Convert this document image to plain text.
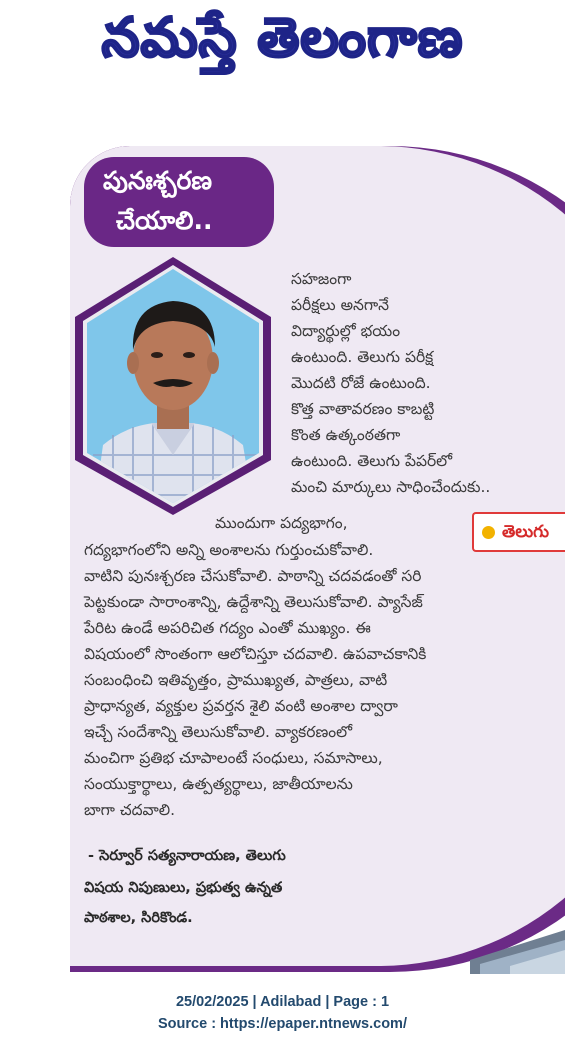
నమస్తే తెలంగాణ
పునఃశ్చరణ
చేయాలి..
సహజంగా
పరీక్షలు అనగానే
విద్యార్థుల్లో భయం
ఉంటుంది. తెలుగు పరీక్ష
మొదటి రోజే ఉంటుంది.
కొత్త వాతావరణం కాబట్టి
కొంత ఉత్కంఠతగా
ఉంటుంది. తెలుగు పేపర్‌లో
మంచి మార్కులు సాధించేందుకు..
ముందుగా పద్యభాగం,
గద్యభాగంలోని అన్ని అంశాలను గుర్తుంచుకోవాలి.
వాటిని పునఃశ్చరణ చేసుకోవాలి. పాఠాన్ని చదవడంతో సరి
పెట్టకుండా సారాంశాన్ని, ఉద్దేశాన్ని తెలుసుకోవాలి. ప్యాసేజ్
పేరిట ఉండే అపరిచిత గద్యం ఎంతో ముఖ్యం. ఈ
విషయంలో సొంతంగా ఆలోచిస్తూ చదవాలి. ఉపవాచకానికి
సంబంధించి ఇతివృత్తం, ప్రాముఖ్యత, పాత్రలు, వాటి
ప్రాధాన్యత, వ్యక్తుల ప్రవర్తన శైలి వంటి అంశాల ద్వారా
ఇచ్చే సందేశాన్ని తెలుసుకోవాలి. వ్యాకరణంలో
మంచిగా ప్రతిభ చూపాలంటే సంధులు, సమాసాలు,
సంయుక్తార్థాలు, ఉత్పత్యర్థాలు, జాతీయాలను
బాగా చదవాలి.
- సెర్వూర్ సత్యనారాయణ, తెలుగు
విషయ నిపుణులు, ప్రభుత్వ ఉన్నత
పాఠశాల, సిరికొండ.
తెలుగు
25/02/2025 | Adilabad | Page : 1
Source : https://epaper.ntnews.com/
